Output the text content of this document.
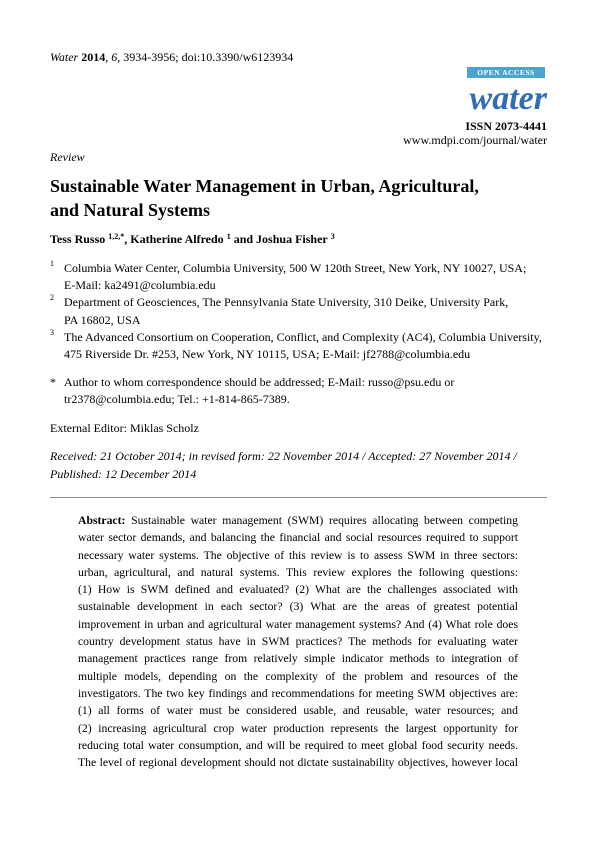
Water 2014, 6, 3934-3956; doi:10.3390/w6123934
OPEN ACCESS
water
ISSN 2073-4441
www.mdpi.com/journal/water
Review
Sustainable Water Management in Urban, Agricultural,
and Natural Systems
Tess Russo $^{1,2,*}$, Katherine Alfredo $^1$ and Joshua Fisher $^3$
1 Columbia Water Center, Columbia University, 500 W 120th Street, New York, NY 10027, USA;
E-Mail: ka2491@columbia.edu
2 Department of Geosciences, The Pennsylvania State University, 310 Deike, University Park,
PA 16802, USA
3 The Advanced Consortium on Cooperation, Conflict, and Complexity (AC4), Columbia University,
475 Riverside Dr. #253, New York, NY 10115, USA; E-Mail: jf2788@columbia.edu
* Author to whom correspondence should be addressed; E-Mail: russo@psu.edu or
tr2378@columbia.edu; Tel.: +1-814-865-7389.
External Editor: Miklas Scholz
Received: 21 October 2014; in revised form: 22 November 2014 / Accepted: 27 November 2014 /
Published: 12 December 2014
Abstract: Sustainable water management (SWM) requires allocating between competing
water sector demands, and balancing the financial and social resources required to support
necessary water systems. The objective of this review is to assess SWM in three sectors:
urban, agricultural, and natural systems. This review explores the following questions:
(1) How is SWM defined and evaluated? (2) What are the challenges associated with
sustainable development in each sector? (3) What are the areas of greatest potential
improvement in urban and agricultural water management systems? And (4) What role does
country development status have in SWM practices? The methods for evaluating water
management practices range from relatively simple indicator methods to integration of
multiple models, depending on the complexity of the problem and resources of the
investigators. The two key findings and recommendations for meeting SWM objectives are:
(1) all forms of water must be considered usable, and reusable, water resources; and
(2) increasing agricultural crop water production represents the largest opportunity for
reducing total water consumption, and will be required to meet global food security needs.
The level of regional development should not dictate sustainability objectives, however local
